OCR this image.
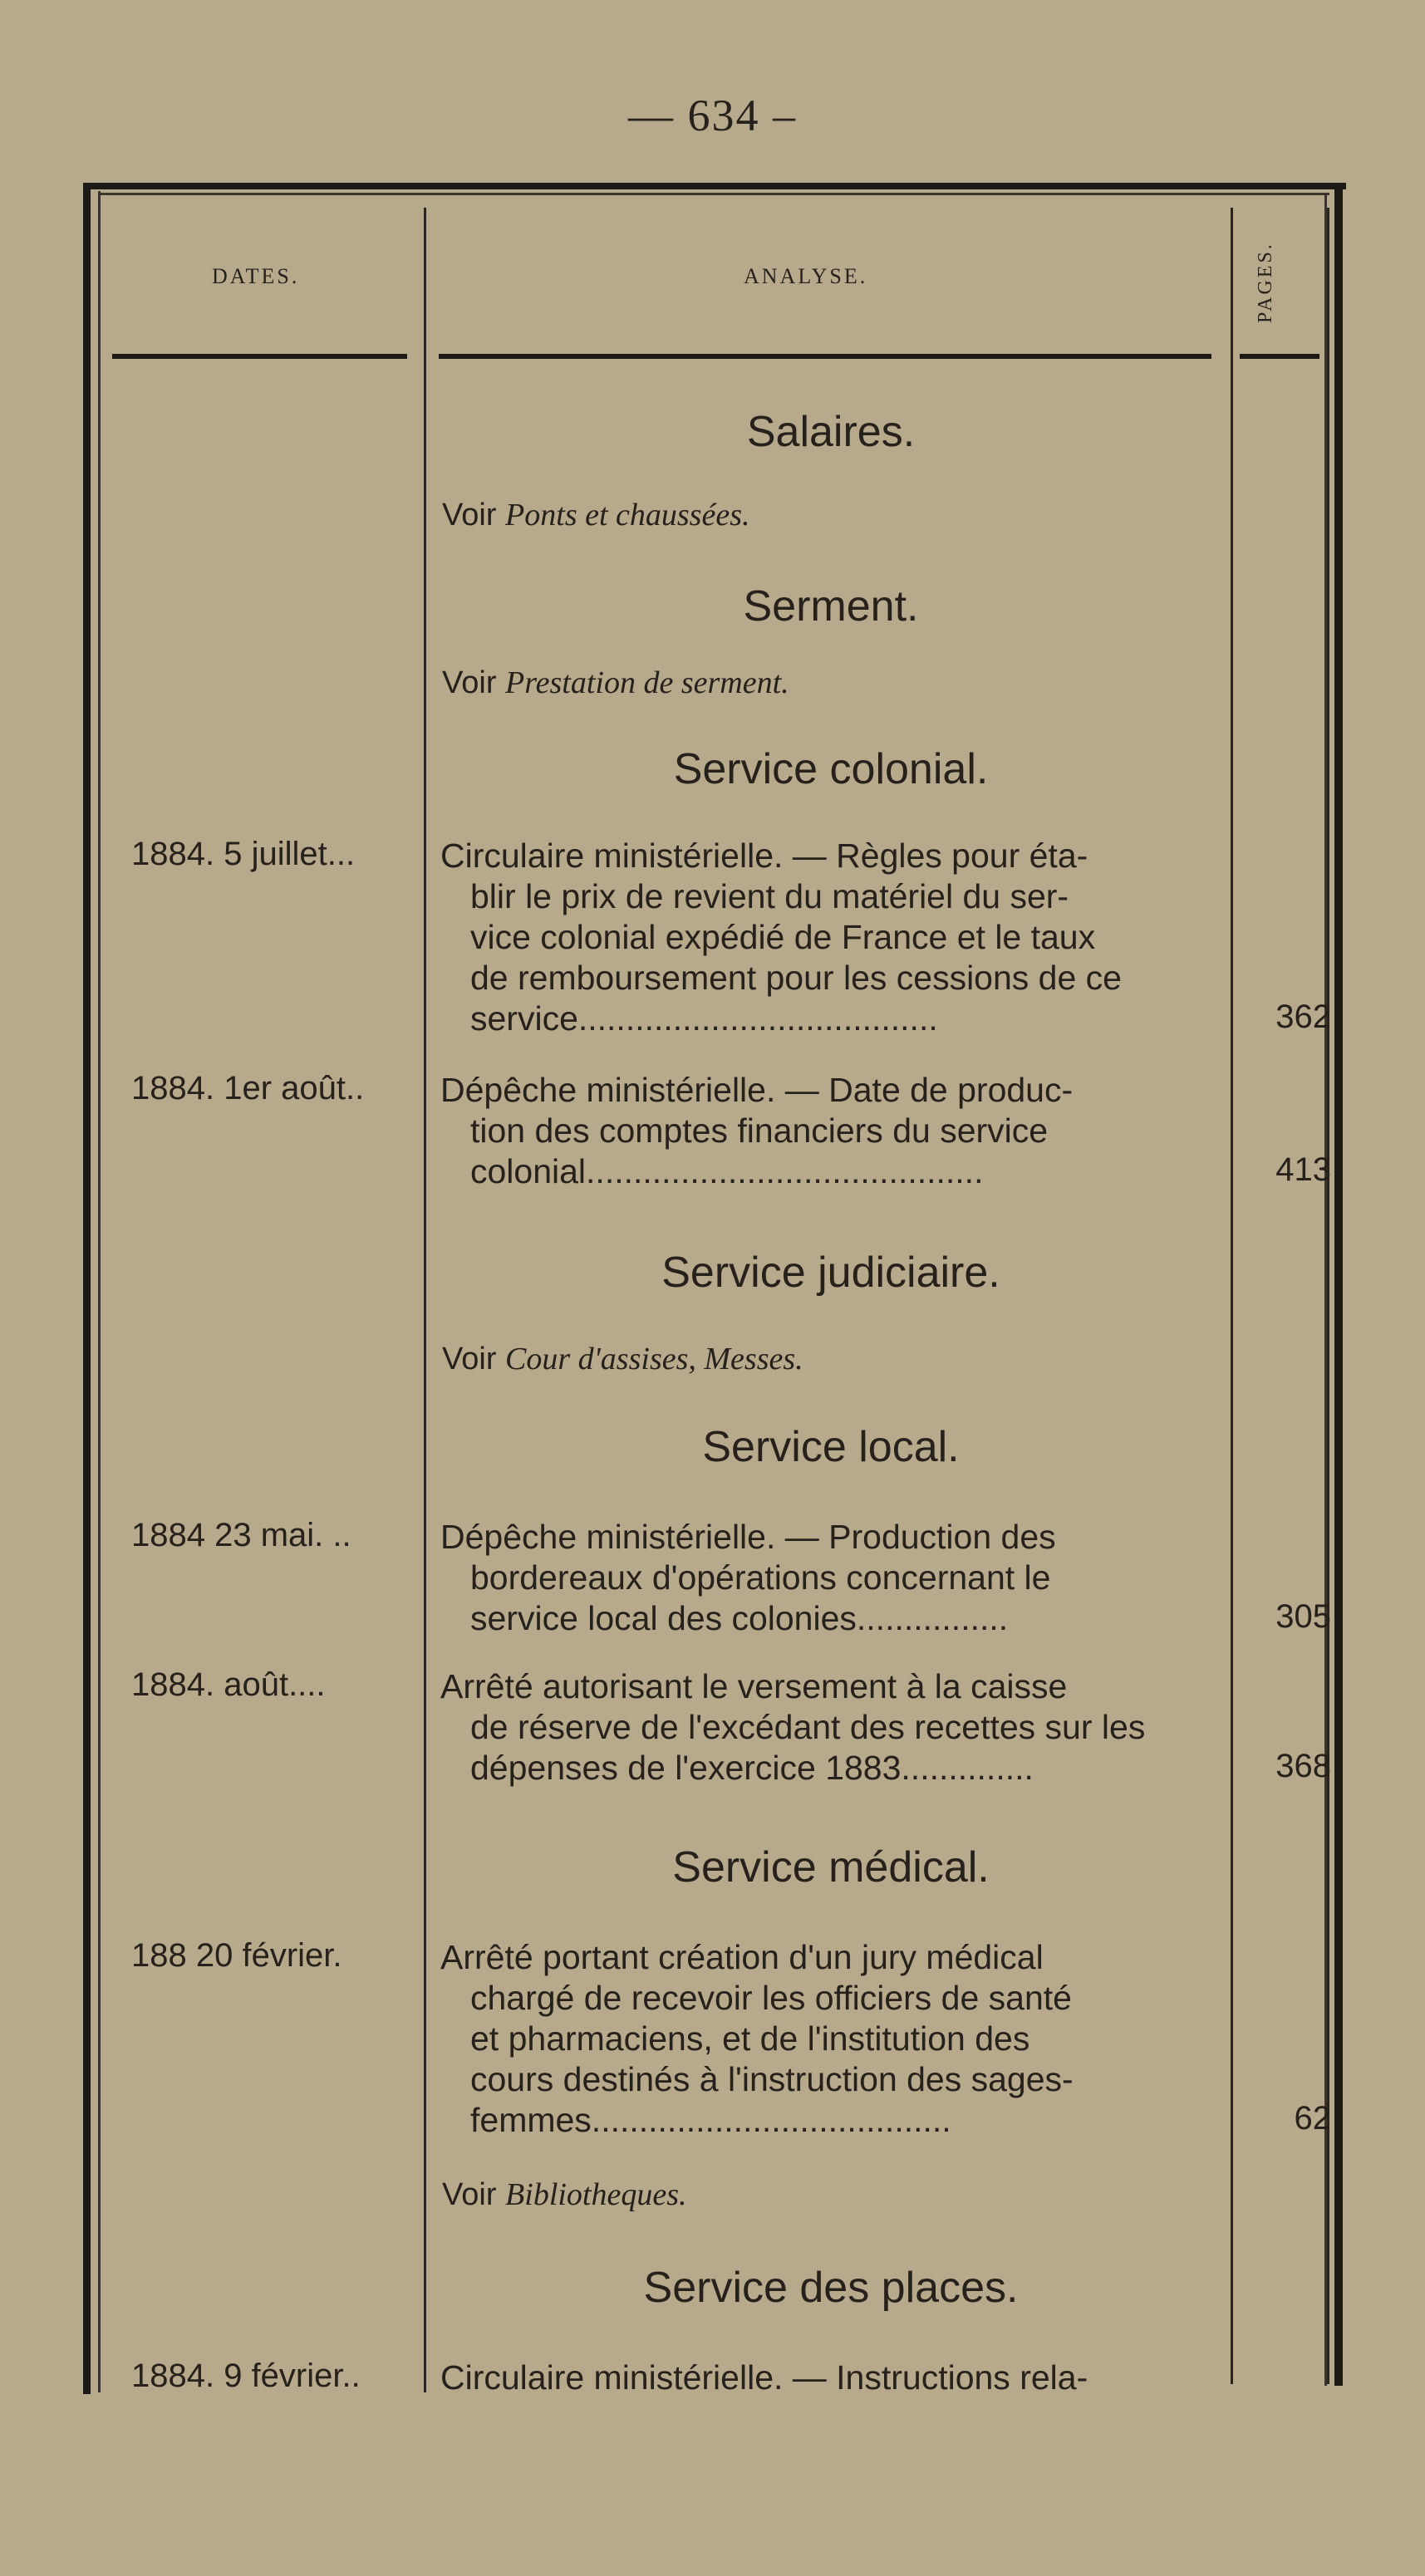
— 634 –
DATES.	ANALYSE.	PAGES.
Salaires.
Voir Ponts et chaussées.
Serment.
Voir Prestation de serment.
Service colonial.
1884. 5 juillet...	Circulaire ministérielle. — Règles pour éta-
blir le prix de revient du matériel du ser-
vice colonial expédié de France et le taux
de remboursement pour les cessions de ce
service......................................	362
1884. 1er août..	Dépêche ministérielle. — Date de produc-
tion des comptes financiers du service
colonial..........................................	413
Service judiciaire.
Voir Cour d'assises, Messes.
Service local.
1884 23 mai. ..	Dépêche ministérielle. — Production des
bordereaux d'opérations concernant le
service local des colonies................	305
1884. août....	Arrêté autorisant le versement à la caisse
de réserve de l'excédant des recettes sur les
dépenses de l'exercice 1883..............	368
Service médical.
188 20 février.	Arrêté portant création d'un jury médical
chargé de recevoir les officiers de santé
et pharmaciens, et de l'institution des
cours destinés à l'instruction des sages-
femmes......................................	62
Voir Bibliotheques.
Service des places.
1884. 9 février..	Circulaire ministérielle. — Instructions rela-
